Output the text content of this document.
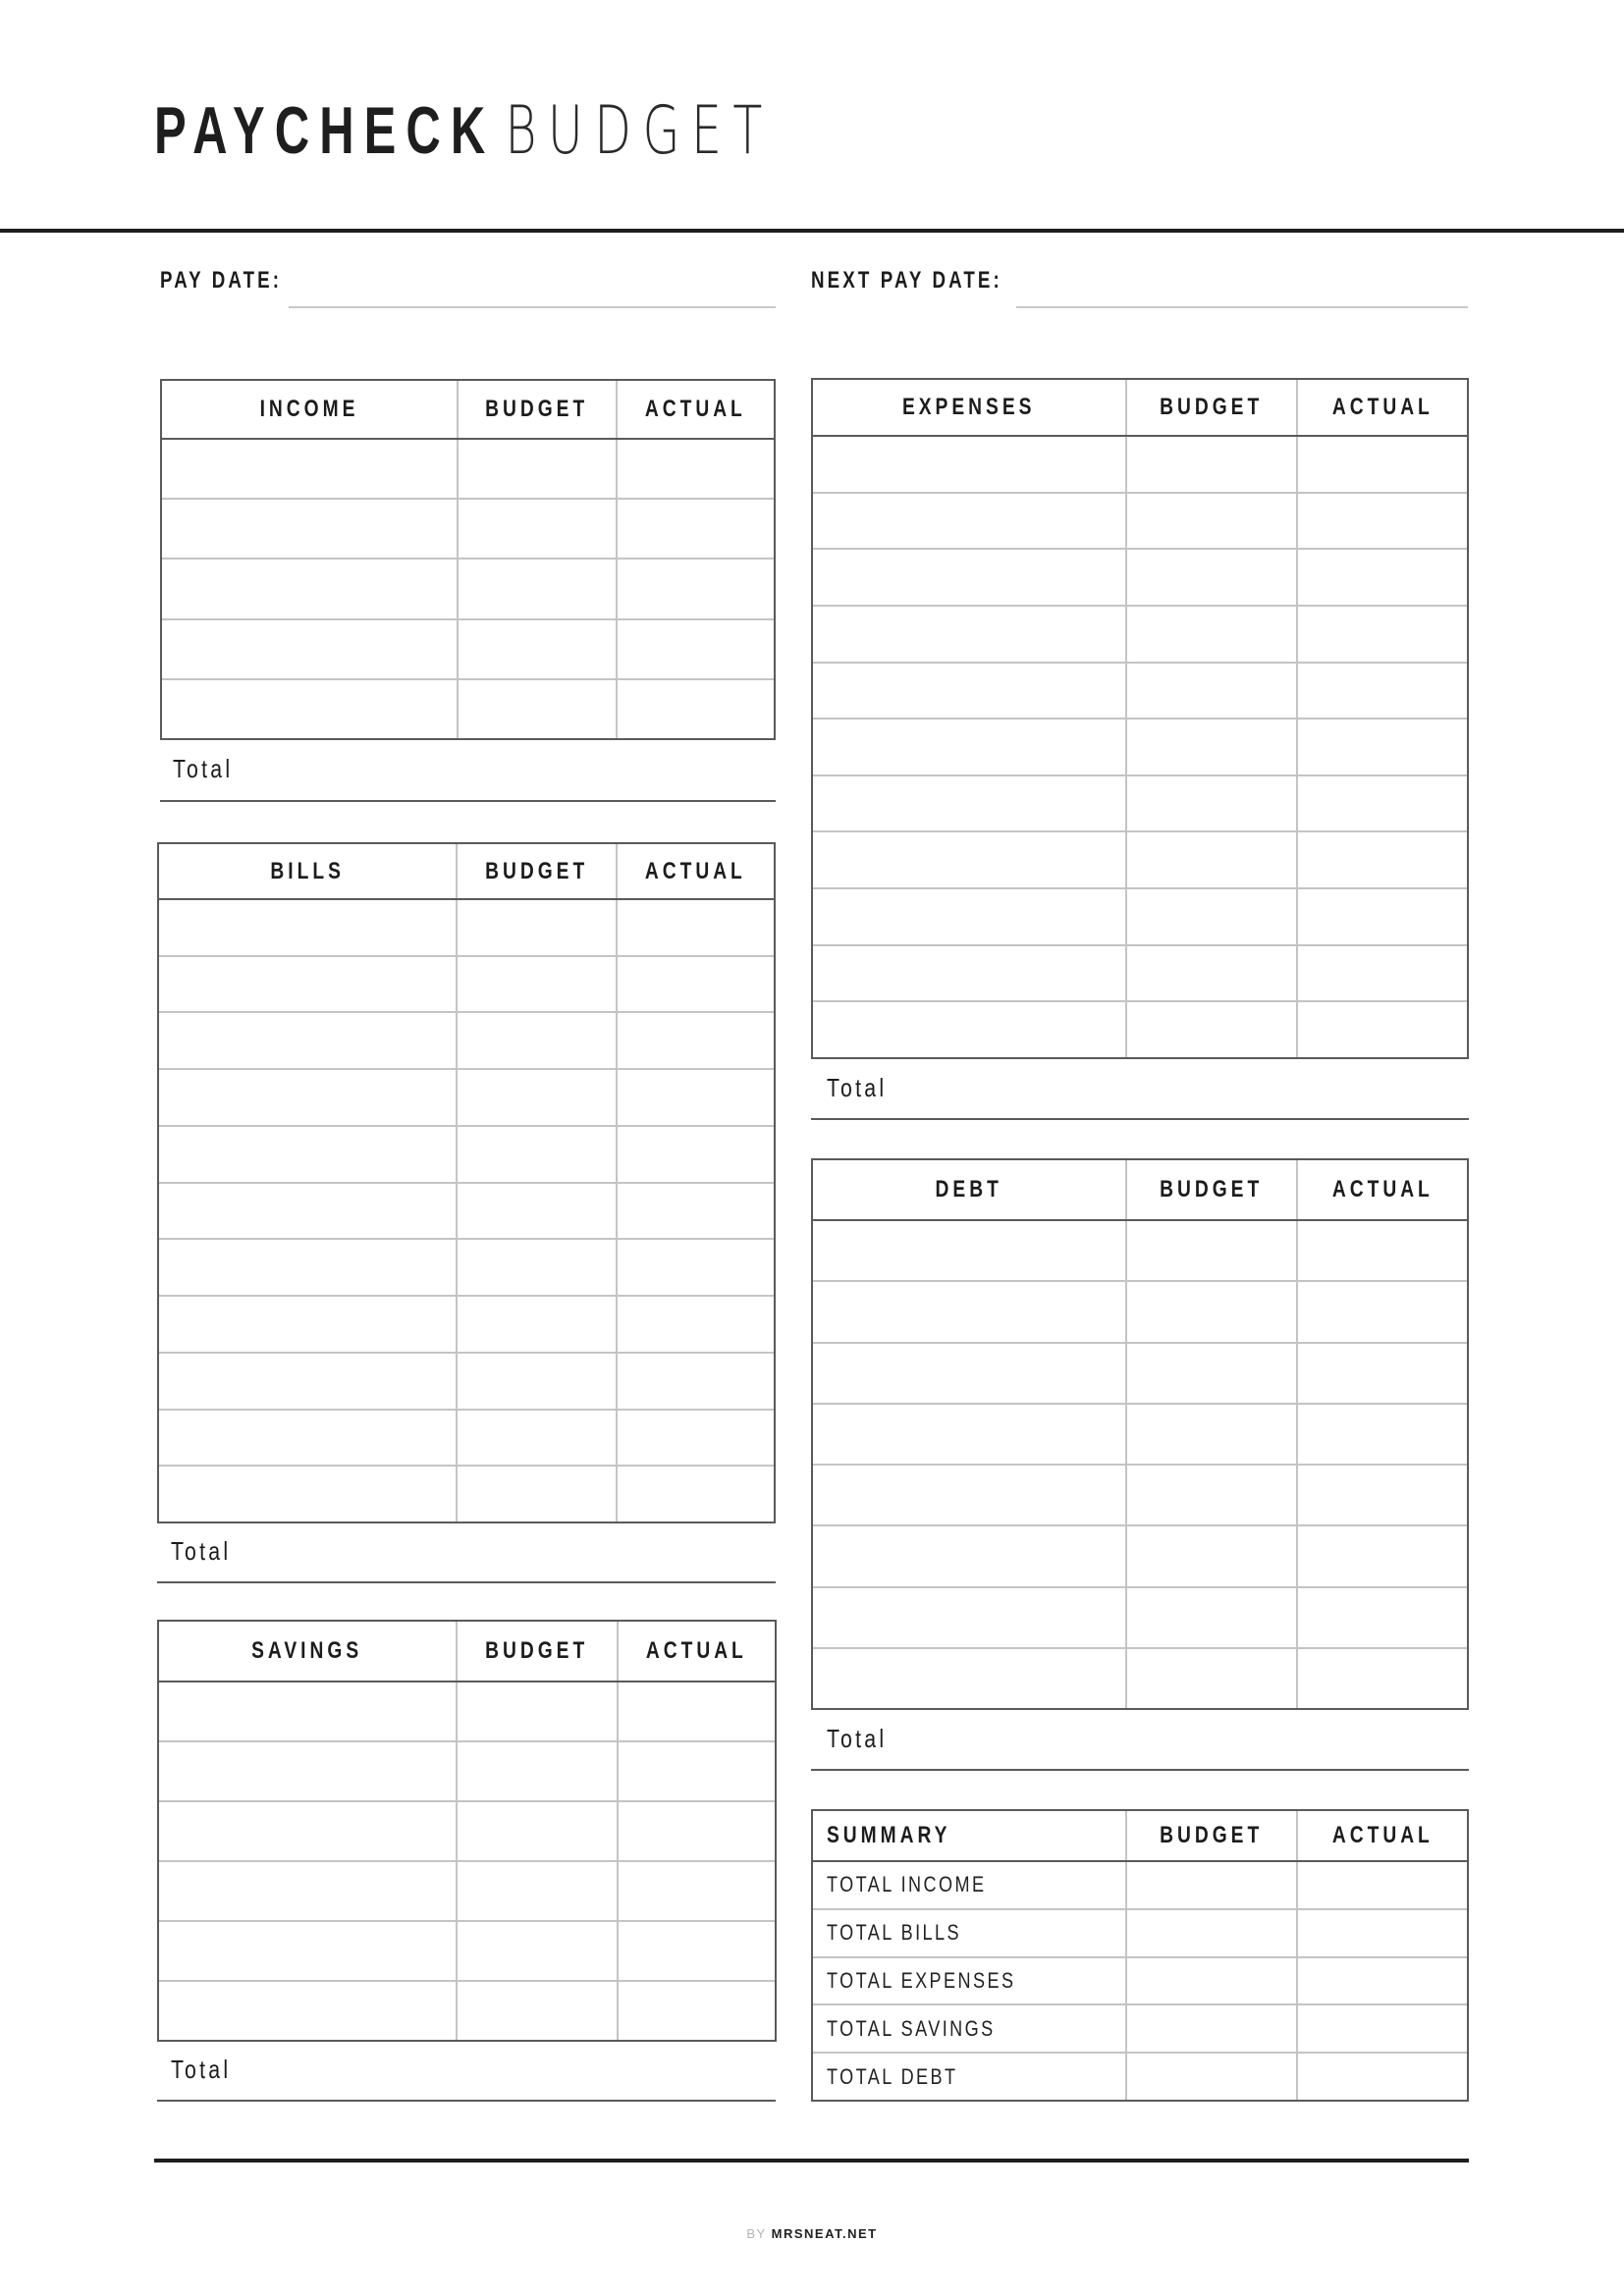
PAYCHECK BUDGET
PAY DATE:	NEXT PAY DATE:
INCOME	BUDGET ACTUAL
Total
BILLS	BUDGET ACTUAL
Total
SAVINGS	BUDGET ACTUAL
Total
EXPENSES	BUDGET	ACTUAL
Total
DEBT	BUDGET	ACTUAL
Total
SUMMARY	BUDGET	ACTUAL
TOTAL INCOME
TOTAL BILLS
TOTAL EXPENSES
TOTAL SAVINGS
TOTAL DEBT
BY MRSNEAT.NET
